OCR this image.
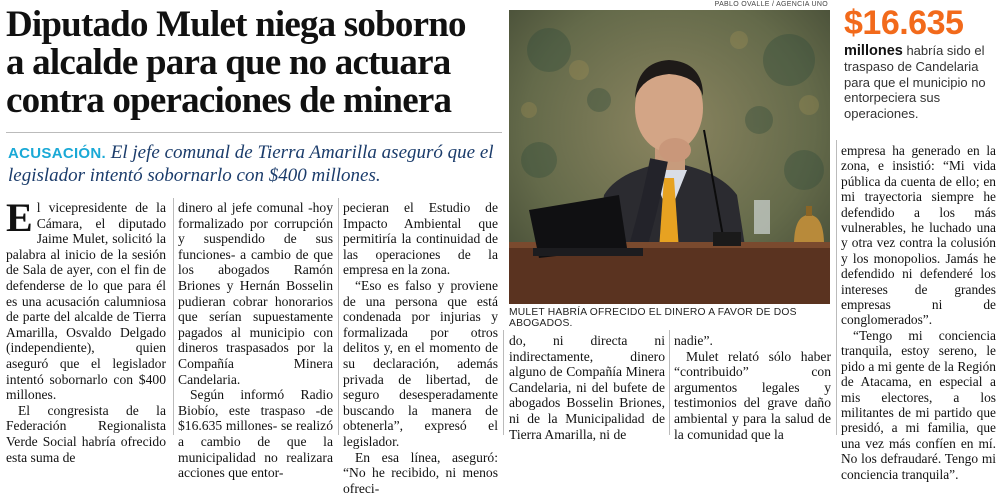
Diputado Mulet niega soborno
a alcalde para que no actuara
contra operaciones de minera
ACUSACIÓN. El jefe comunal de Tierra Amarilla aseguró que el legislador intentó sobornarlo con $400 millones.

El vicepresidente de la Cámara, el diputado Jaime Mulet, solicitó la palabra al inicio de la sesión de Sala de ayer, con el fin de defenderse de lo que para él es una acusación calumniosa de parte del alcalde de Tierra Amarilla, Osvaldo Delgado (independiente), quien aseguró que el legislador intentó sobornarlo con $400 millones.

El congresista de la Federación Regionalista Verde Social habría ofrecido esta suma de

dinero al jefe comunal -hoy formalizado por corrupción y suspendido de sus funciones- a cambio de que los abogados Ramón Briones y Hernán Bosselin pudieran cobrar honorarios que serían supuestamente pagados al municipio con dineros traspasados por la Compañía Minera Candelaria.

Según informó Radio Biobío, este traspaso -de $16.635 millones- se realizó a cambio de que la municipalidad no realizara acciones que entor-

pecieran el Estudio de Impacto Ambiental que permitiría la continuidad de las operaciones de la empresa en la zona.

“Eso es falso y proviene de una persona que está condenada por injurias y formalizada por otros delitos y, en el momento de su declaración, además privada de libertad, de seguro desesperadamente buscando la manera de obtenerla”, expresó el legislador.

En esa línea, aseguró: “No he recibido, ni menos ofreci-

PABLO OVALLE / AGENCIA UNO
MULET HABRÍA OFRECIDO EL DINERO A FAVOR DE DOS ABOGADOS.

do, ni directa ni indirectamente, dinero alguno de Compañía Minera Candelaria, ni del bufete de abogados Bosselin Briones, ni de la Municipalidad de Tierra Amarilla, ni de

nadie”.

Mulet relató sólo haber “contribuido” con argumentos legales y testimonios del grave daño ambiental y para la salud de la comunidad que la

$16.635
millones habría sido el traspaso de Candelaria para que el municipio no entorpeciera sus operaciones.

empresa ha generado en la zona, e insistió: “Mi vida pública da cuenta de ello; en mi trayectoria siempre he defendido a los más vulnerables, he luchado una y otra vez contra la colusión y los monopolios. Jamás he defendido ni defenderé los intereses de grandes empresas ni de conglomerados”.

“Tengo mi conciencia tranquila, estoy sereno, le pido a mi gente de la Región de Atacama, en especial a mis electores, a los militantes de mi partido que presidó, a mi familia, que una vez más confíen en mí. No los defraudaré. Tengo mi conciencia tranquila”.
